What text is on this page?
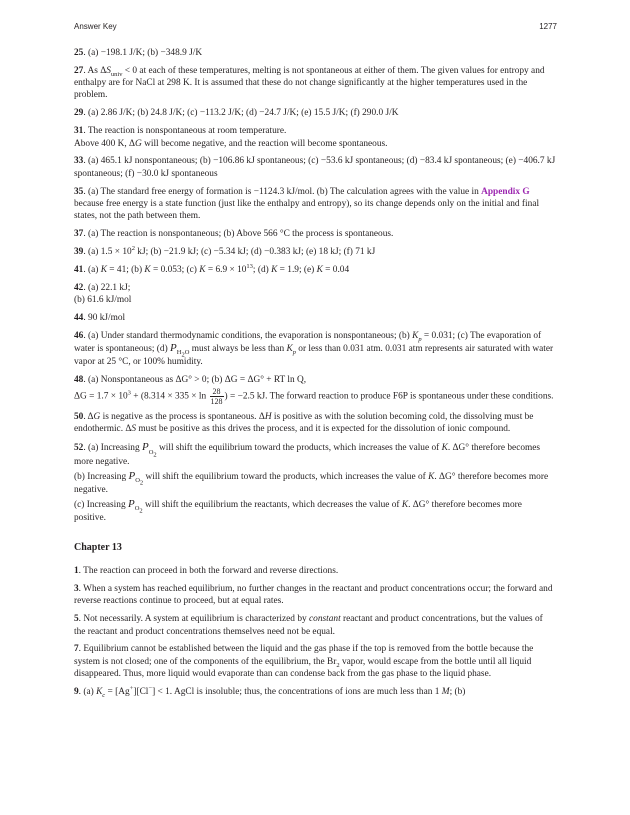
Answer Key	1277

25. (a) −198.1 J/K; (b) −348.9 J/K

27. As $\Delta S_{univ} < 0$ at each of these temperatures, melting is not spontaneous at either of them. The given values for entropy and enthalpy are for NaCl at 298 K. It is assumed that these do not change significantly at the higher temperatures used in the problem.

29. (a) 2.86 J/K; (b) 24.8 J/K; (c) −113.2 J/K; (d) −24.7 J/K; (e) 15.5 J/K; (f) 290.0 J/K

31. The reaction is nonspontaneous at room temperature.
Above 400 K, ΔG will become negative, and the reaction will become spontaneous.

33. (a) 465.1 kJ nonspontaneous; (b) −106.86 kJ spontaneous; (c) −53.6 kJ spontaneous; (d) −83.4 kJ spontaneous; (e) −406.7 kJ spontaneous; (f) −30.0 kJ spontaneous

35. (a) The standard free energy of formation is −1124.3 kJ/mol. (b) The calculation agrees with the value in Appendix G because free energy is a state function (just like the enthalpy and entropy), so its change depends only on the initial and final states, not the path between them.

37. (a) The reaction is nonspontaneous; (b) Above 566 °C the process is spontaneous.

39. (a) $1.5 \times 10^2$ kJ; (b) −21.9 kJ; (c) −5.34 kJ; (d) −0.383 kJ; (e) 18 kJ; (f) 71 kJ

41. (a) K = 41; (b) K = 0.053; (c) $K = 6.9 \times 10^{13}$; (d) K = 1.9; (e) K = 0.04

42. (a) 22.1 kJ;
(b) 61.6 kJ/mol

44. 90 kJ/mol

46. (a) Under standard thermodynamic conditions, the evaporation is nonspontaneous; (b) $K_p = 0.031$; (c) The evaporation of water is spontaneous; (d) $P_{H_2O}$ must always be less than $K_p$ or less than 0.031 atm. 0.031 atm represents air saturated with water vapor at 25 °C, or 100% humidity.

48. (a) Nonspontaneous as ΔG° > 0; (b) ΔG = ΔG° + RT ln Q,
$\Delta G = 1.7 \times 10^3 + (8.314 \times 335 \times \ln \frac{28}{128}$ ) = −2.5 kJ. The forward reaction to produce F6P is spontaneous under these conditions.

50. ΔG is negative as the process is spontaneous. ΔH is positive as with the solution becoming cold, the dissolving must be endothermic. ΔS must be positive as this drives the process, and it is expected for the dissolution of ionic compound.

52. (a) Increasing $P_{O_2}$ will shift the equilibrium toward the products, which increases the value of K. ΔG° therefore becomes more negative.
(b) Increasing $P_{O_2}$ will shift the equilibrium toward the products, which increases the value of K. ΔG° therefore becomes more negative.
(c) Increasing $P_{O_2}$ will shift the equilibrium the reactants, which decreases the value of K. ΔG° therefore becomes more positive.

Chapter 13

1. The reaction can proceed in both the forward and reverse directions.

3. When a system has reached equilibrium, no further changes in the reactant and product concentrations occur; the forward and reverse reactions continue to proceed, but at equal rates.

5. Not necessarily. A system at equilibrium is characterized by constant reactant and product concentrations, but the values of the reactant and product concentrations themselves need not be equal.

7. Equilibrium cannot be established between the liquid and the gas phase if the top is removed from the bottle because the system is not closed; one of the components of the equilibrium, the $Br_2$ vapor, would escape from the bottle until all liquid disappeared. Thus, more liquid would evaporate than can condense back from the gas phase to the liquid phase.

9. (a) $K_c = [Ag^+][Cl^-] < 1$. AgCl is insoluble; thus, the concentrations of ions are much less than 1 M; (b)
